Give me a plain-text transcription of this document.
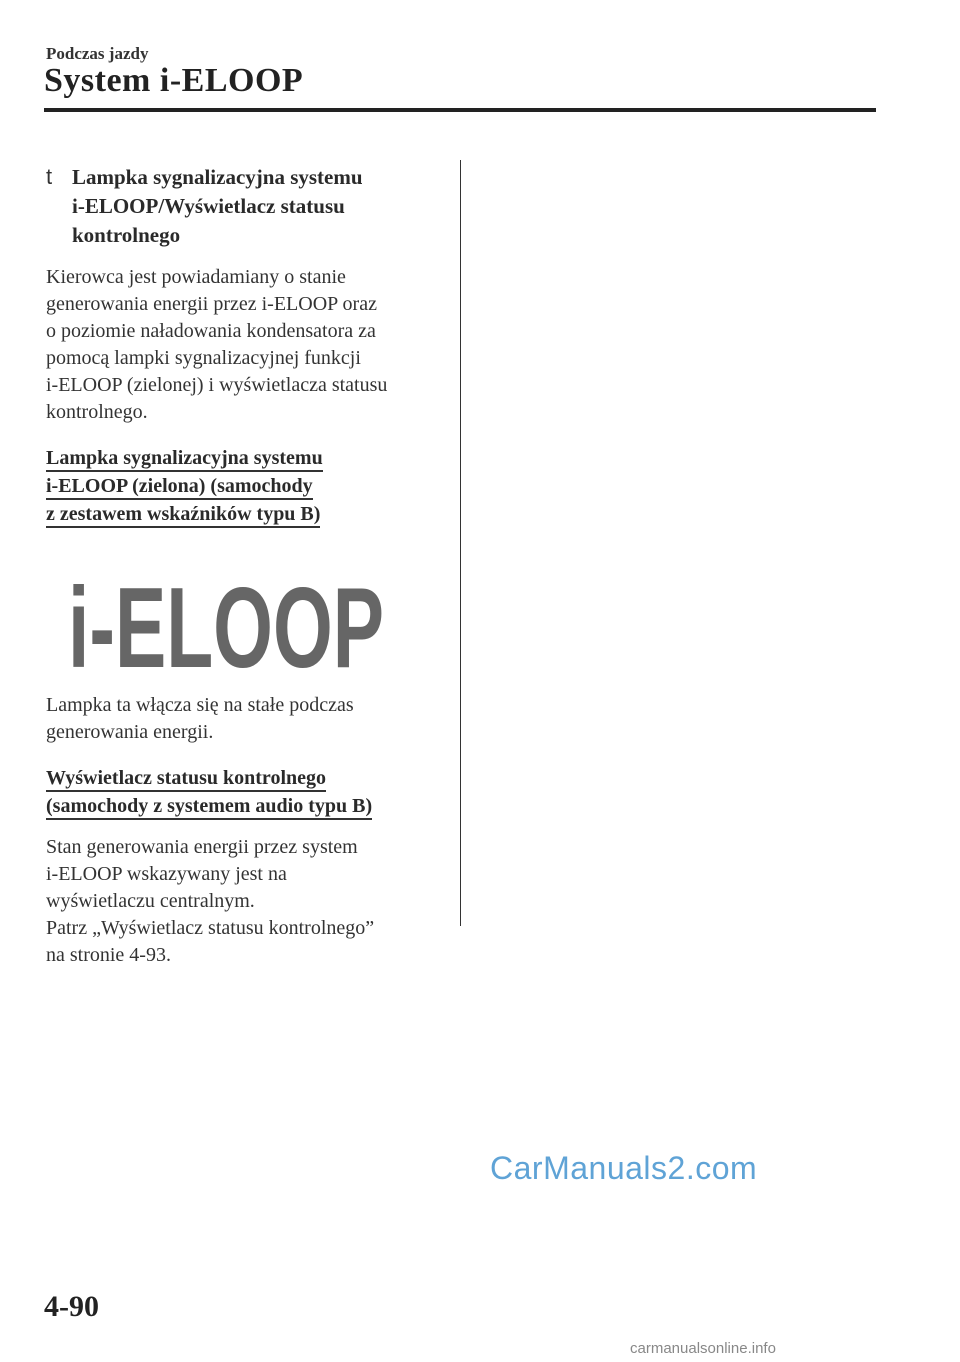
Podczas jazdy
System i-ELOOP
t Lampka sygnalizacyjna systemu
i-ELOOP/Wyświetlacz statusu
kontrolnego

Kierowca jest powiadamiany o stanie
generowania energii przez i-ELOOP oraz
o poziomie naładowania kondensatora za
pomocą lampki sygnalizacyjnej funkcji
i-ELOOP (zielonej) i wyświetlacza statusu
kontrolnego.

Lampka sygnalizacyjna systemu
i-ELOOP (zielona) (samochody
z zestawem wskaźników typu B)
i-ELOOP

Lampka ta włącza się na stałe podczas
generowania energii.

Wyświetlacz statusu kontrolnego
(samochody z systemem audio typu B)

Stan generowania energii przez system
i-ELOOP wskazywany jest na
wyświetlaczu centralnym.
Patrz „Wyświetlacz statusu kontrolnego”
na stronie 4-93.

CarManuals2.com
4-90
carmanualsonline.info
